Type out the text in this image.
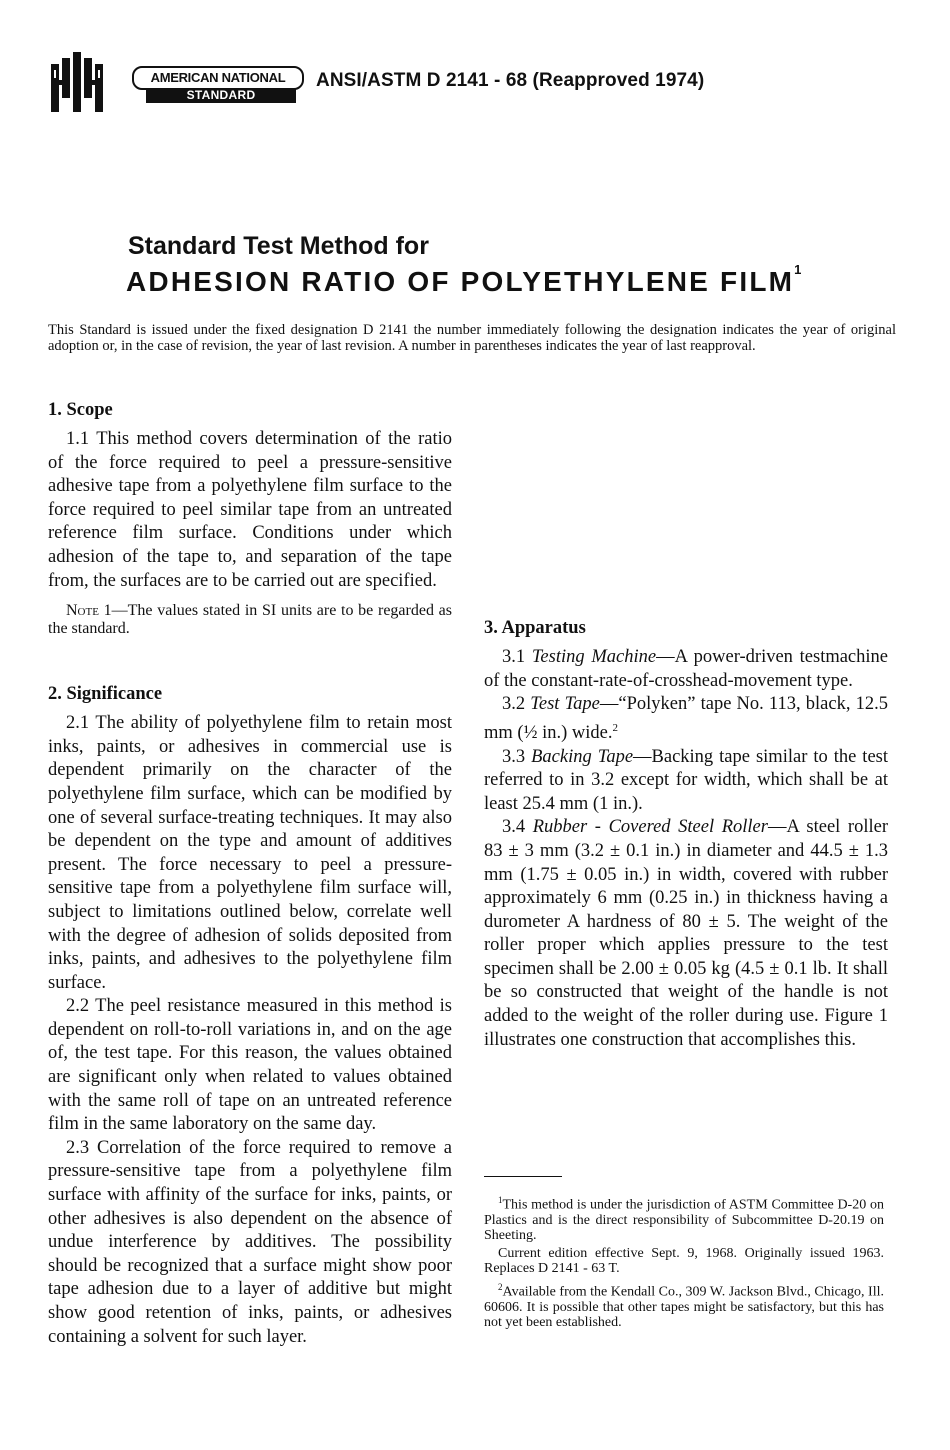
AMERICAN NATIONAL
STANDARD
ANSI/ASTM D 2141 - 68 (Reapproved 1974)
Standard Test Method for
ADHESION RATIO OF POLYETHYLENE FILM$^1$
This Standard is issued under the fixed designation D 2141 the number immediately following the designation indicates the year of original adoption or, in the case of revision, the year of last revision. A number in parentheses indicates the year of last reapproval.
1. Scope

1.1 This method covers determination of the ratio of the force required to peel a pressure-sensitive adhesive tape from a polyethylene film surface to the force required to peel similar tape from an untreated reference film surface. Conditions under which adhesion of the tape to, and separation of the tape from, the surfaces are to be carried out are specified.

Note 1—The values stated in SI units are to be regarded as the standard.

2. Significance

2.1 The ability of polyethylene film to retain most inks, paints, or adhesives in commercial use is dependent primarily on the character of the polyethylene film surface, which can be modified by one of several surface-treating techniques. It may also be dependent on the type and amount of additives present. The force necessary to peel a pressure-sensitive tape from a polyethylene film surface will, subject to limitations outlined below, correlate well with the degree of adhesion of solids deposited from inks, paints, and adhesives to the polyethylene film surface.

2.2 The peel resistance measured in this method is dependent on roll-to-roll variations in, and on the age of, the test tape. For this reason, the values obtained are significant only when related to values obtained with the same roll of tape on an untreated reference film in the same laboratory on the same day.

2.3 Correlation of the force required to remove a pressure-sensitive tape from a polyethylene film surface with affinity of the surface for inks, paints, or other adhesives is also dependent on the absence of undue interference by additives. The possibility should be recognized that a surface might show poor tape adhesion due to a layer of additive but might show good retention of inks, paints, or adhesives containing a solvent for such layer.

3. Apparatus

3.1 Testing Machine—A power-driven testmachine of the constant-rate-of-crosshead-movement type.

3.2 Test Tape—“Polyken” tape No. 113, black, 12.5 mm (½ in.) wide.$^2$

3.3 Backing Tape—Backing tape similar to the test referred to in 3.2 except for width, which shall be at least 25.4 mm (1 in.).

3.4 Rubber - Covered Steel Roller—A steel roller 83 ± 3 mm (3.2 ± 0.1 in.) in diameter and 44.5 ± 1.3 mm (1.75 ± 0.05 in.) in width, covered with rubber approximately 6 mm (0.25 in.) in thickness having a durometer A hardness of 80 ± 5. The weight of the roller proper which applies pressure to the test specimen shall be 2.00 ± 0.05 kg (4.5 ± 0.1 lb. It shall be so constructed that weight of the handle is not added to the weight of the roller during use. Figure 1 illustrates one construction that accomplishes this.

$^1$This method is under the jurisdiction of ASTM Committee D-20 on Plastics and is the direct responsibility of Subcommittee D-20.19 on Sheeting.

Current edition effective Sept. 9, 1968. Originally issued 1963. Replaces D 2141 - 63 T.

$^2$Available from the Kendall Co., 309 W. Jackson Blvd., Chicago, Ill. 60606. It is possible that other tapes might be satisfactory, but this has not yet been established.
